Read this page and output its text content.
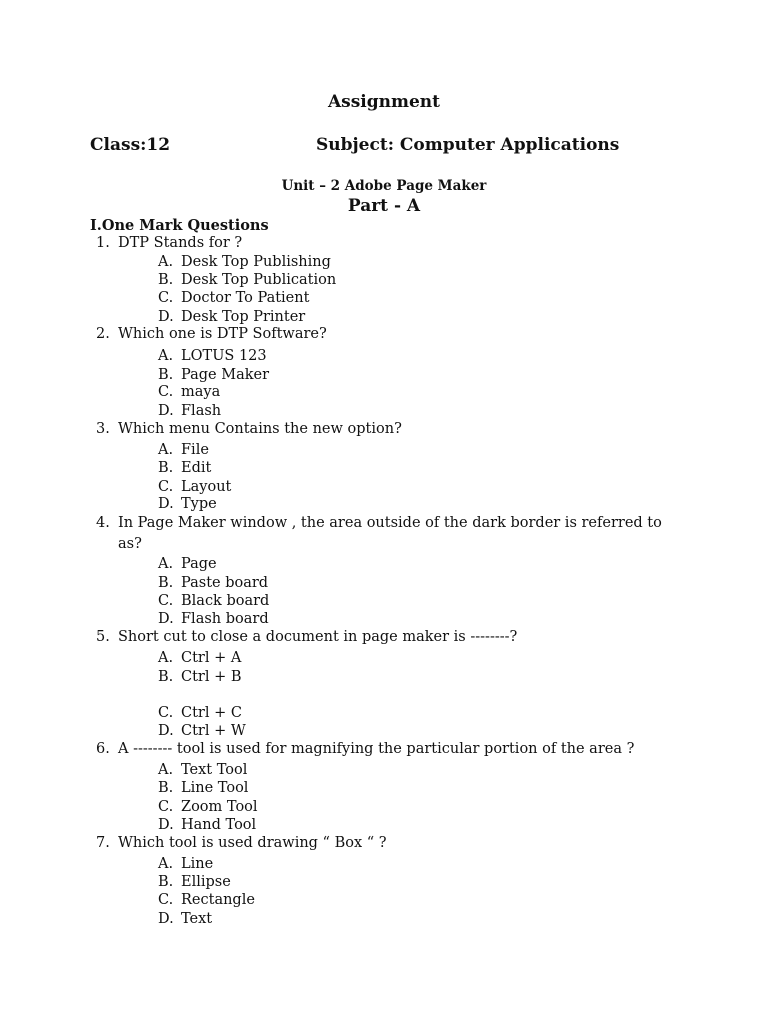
Assignment
Class:12	Subject: Computer Applications
Unit – 2 Adobe Page Maker
Part - A
I.One Mark Questions
1. DTP Stands for ?
A. Desk Top Publishing
B. Desk Top Publication
C. Doctor To Patient
D. Desk Top Printer
2. Which one is DTP Software?
A. LOTUS 123
B. Page Maker
C. maya
D. Flash
3. Which menu Contains the new option?
A. File
B. Edit
C. Layout
D. Type
4. In Page Maker window , the area outside of the dark border is referred to
as?
A. Page
B. Paste board
C. Black board
D. Flash board
5. Short cut to close a document in page maker is --------?
A. Ctrl + A
B. Ctrl + B
C. Ctrl + C
D. Ctrl + W
6. A -------- tool is used for magnifying the particular portion of the area ?
A. Text Tool
B. Line Tool
C. Zoom Tool
D. Hand Tool
7. Which tool is used drawing “ Box “ ?
A. Line
B. Ellipse
C. Rectangle
D. Text
